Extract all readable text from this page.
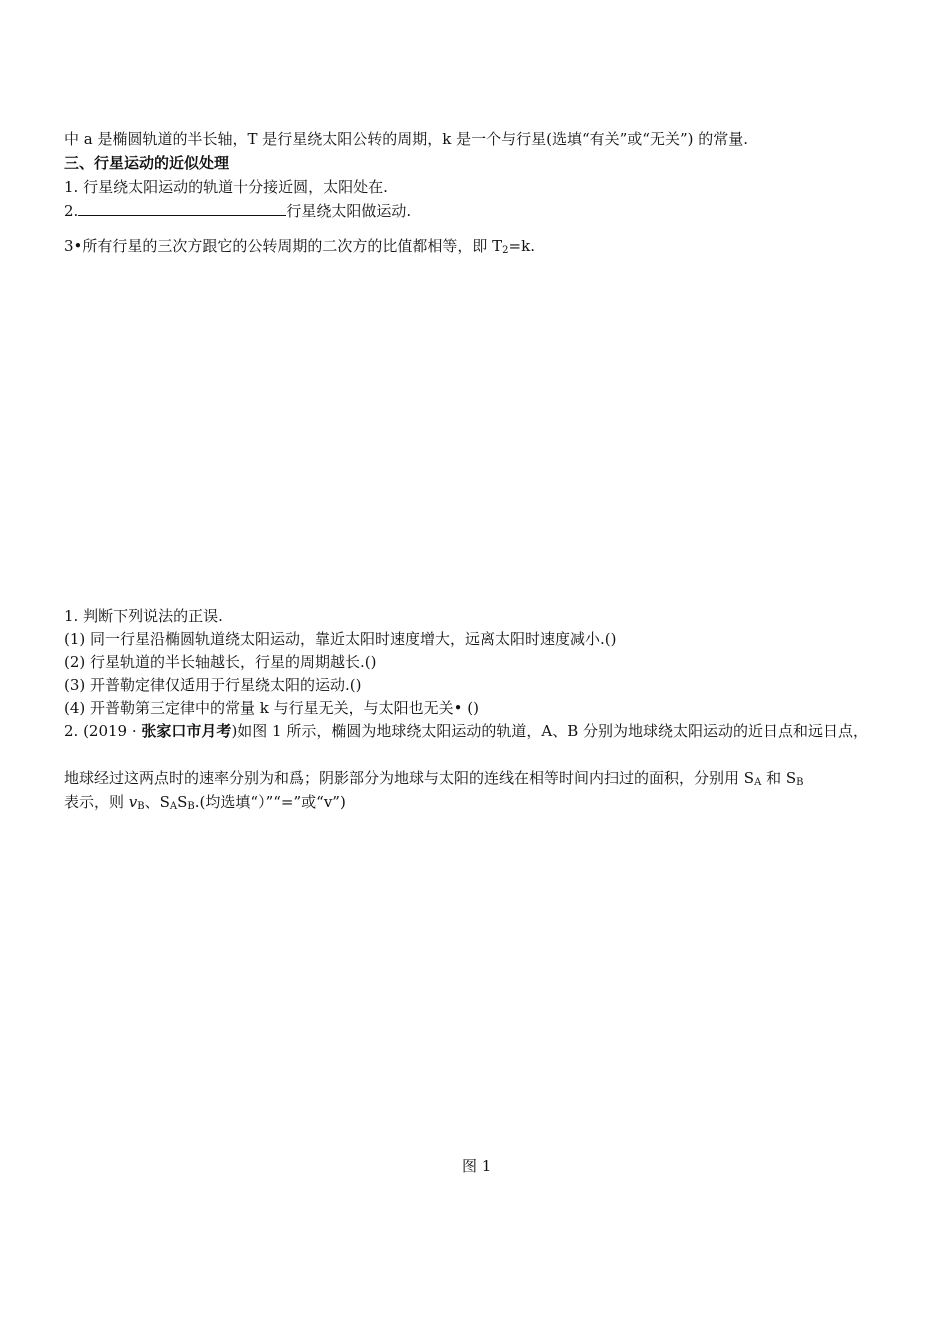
中 a 是椭圆轨道的半长轴，T 是行星绕太阳公转的周期，k 是一个与行星(选填“有关”或“无关”) 的常量.
三、行星运动的近似处理
1. 行星绕太阳运动的轨道十分接近圆，太阳处在.
2.	行星绕太阳做运动.
3•所有行星的三次方跟它的公转周期的二次方的比值都相等，即 T2=k.
1. 判断下列说法的正误.
(1) 同一行星沿椭圆轨道绕太阳运动，靠近太阳时速度增大，远离太阳时速度减小.()
(2) 行星轨道的半长轴越长，行星的周期越长.()
(3) 开普勒定律仅适用于行星绕太阳的运动.()
(4) 开普勒第三定律中的常量 k 与行星无关，与太阳也无关• ()
2. (2019 · 张家口市月考)如图 1 所示，椭圆为地球绕太阳运动的轨道，A、B 分别为地球绕太阳运动的近日点和远日点，
地球经过这两点时的速率分别为和爲；阴影部分为地球与太阳的连线在相等时间内扫过的面积，分别用 SA 和 SB
表示，则 vB、SASB.(均选填“）”“=”或“v”)
图 1
